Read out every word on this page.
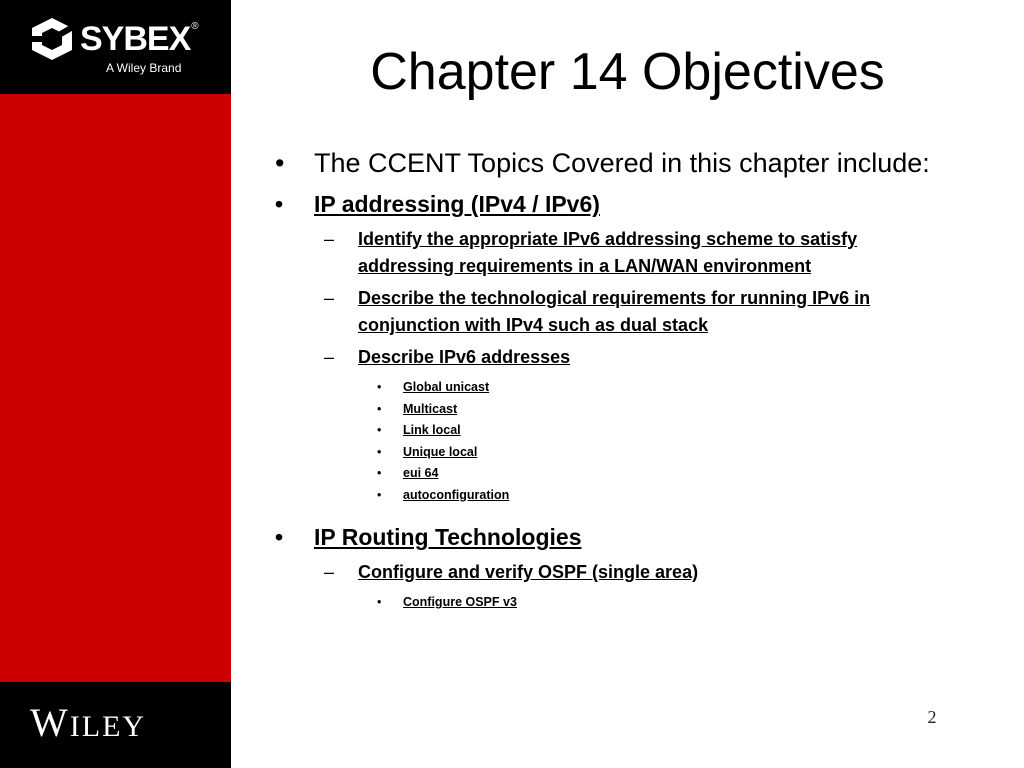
SYBEX®
A Wiley Brand
WILEY
Chapter 14 Objectives
• The CCENT Topics Covered in this chapter include:
• IP addressing (IPv4 / IPv6)
– Identify the appropriate IPv6 addressing scheme to satisfy addressing requirements in a LAN/WAN environment
– Describe the technological requirements for running IPv6 in conjunction with IPv4 such as dual stack
– Describe IPv6 addresses
• Global unicast
• Multicast
• Link local
• Unique local
• eui 64
• autoconfiguration
• IP Routing Technologies
– Configure and verify OSPF (single area)
• Configure OSPF v3
2
